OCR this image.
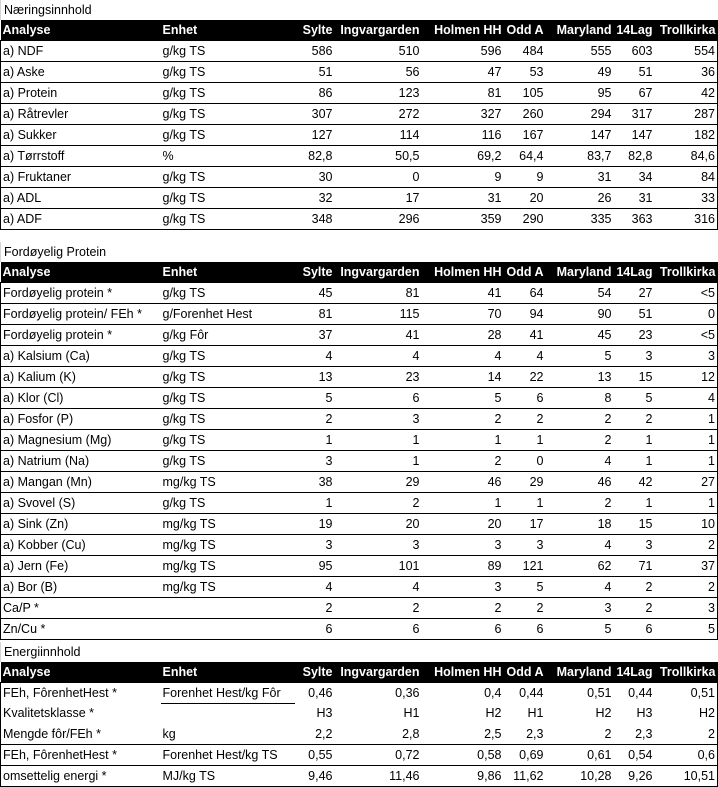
Næringsinnhold
Analyse	Enhet	Sylte	Ingvargarden	Holmen HH	Odd A	Maryland	14Lag	Trollkirka
a) NDF	g/kg TS	586	510	596	484	555	603	554
a) Aske	g/kg TS	51	56	47	53	49	51	36
a) Protein	g/kg TS	86	123	81	105	95	67	42
a) Råtrevler	g/kg TS	307	272	327	260	294	317	287
a) Sukker	g/kg TS	127	114	116	167	147	147	182
a) Tørrstoff	%	82,8	50,5	69,2	64,4	83,7	82,8	84,6
a) Fruktaner	g/kg TS	30	0	9	9	31	34	84
a) ADL	g/kg TS	32	17	31	20	26	31	33
a) ADF	g/kg TS	348	296	359	290	335	363	316
Fordøyelig Protein
Analyse	Enhet	Sylte	Ingvargarden	Holmen HH	Odd A	Maryland	14Lag	Trollkirka
Fordøyelig protein *	g/kg TS	45	81	41	64	54	27	<5
Fordøyelig protein/ FEh *	g/Forenhet Hest	81	115	70	94	90	51	0
Fordøyelig protein *	g/kg Fôr	37	41	28	41	45	23	<5
a) Kalsium (Ca)	g/kg TS	4	4	4	4	5	3	3
a) Kalium (K)	g/kg TS	13	23	14	22	13	15	12
a) Klor (Cl)	g/kg TS	5	6	5	6	8	5	4
a) Fosfor (P)	g/kg TS	2	3	2	2	2	2	1
a) Magnesium (Mg)	g/kg TS	1	1	1	1	2	1	1
a) Natrium (Na)	g/kg TS	3	1	2	0	4	1	1
a) Mangan (Mn)	mg/kg TS	38	29	46	29	46	42	27
a) Svovel (S)	g/kg TS	1	2	1	1	2	1	1
a) Sink (Zn)	mg/kg TS	19	20	20	17	18	15	10
a) Kobber (Cu)	mg/kg TS	3	3	3	3	4	3	2
a) Jern (Fe)	mg/kg TS	95	101	89	121	62	71	37
a) Bor (B)	mg/kg TS	4	4	3	5	4	2	2
Ca/P *		2	2	2	2	3	2	3
Zn/Cu *		6	6	6	6	5	6	5
Energiinnhold
Analyse	Enhet	Sylte	Ingvargarden	Holmen HH	Odd A	Maryland	14Lag	Trollkirka
FEh, FôrenhetHest *	Forenhet Hest/kg Fôr	0,46	0,36	0,4	0,44	0,51	0,44	0,51
Kvalitetsklasse *		H3	H1	H2	H1	H2	H3	H2
Mengde fôr/FEh *	kg	2,2	2,8	2,5	2,3	2	2,3	2
FEh, FôrenhetHest *	Forenhet Hest/kg TS	0,55	0,72	0,58	0,69	0,61	0,54	0,6
omsettelig energi *	MJ/kg TS	9,46	11,46	9,86	11,62	10,28	9,26	10,51
